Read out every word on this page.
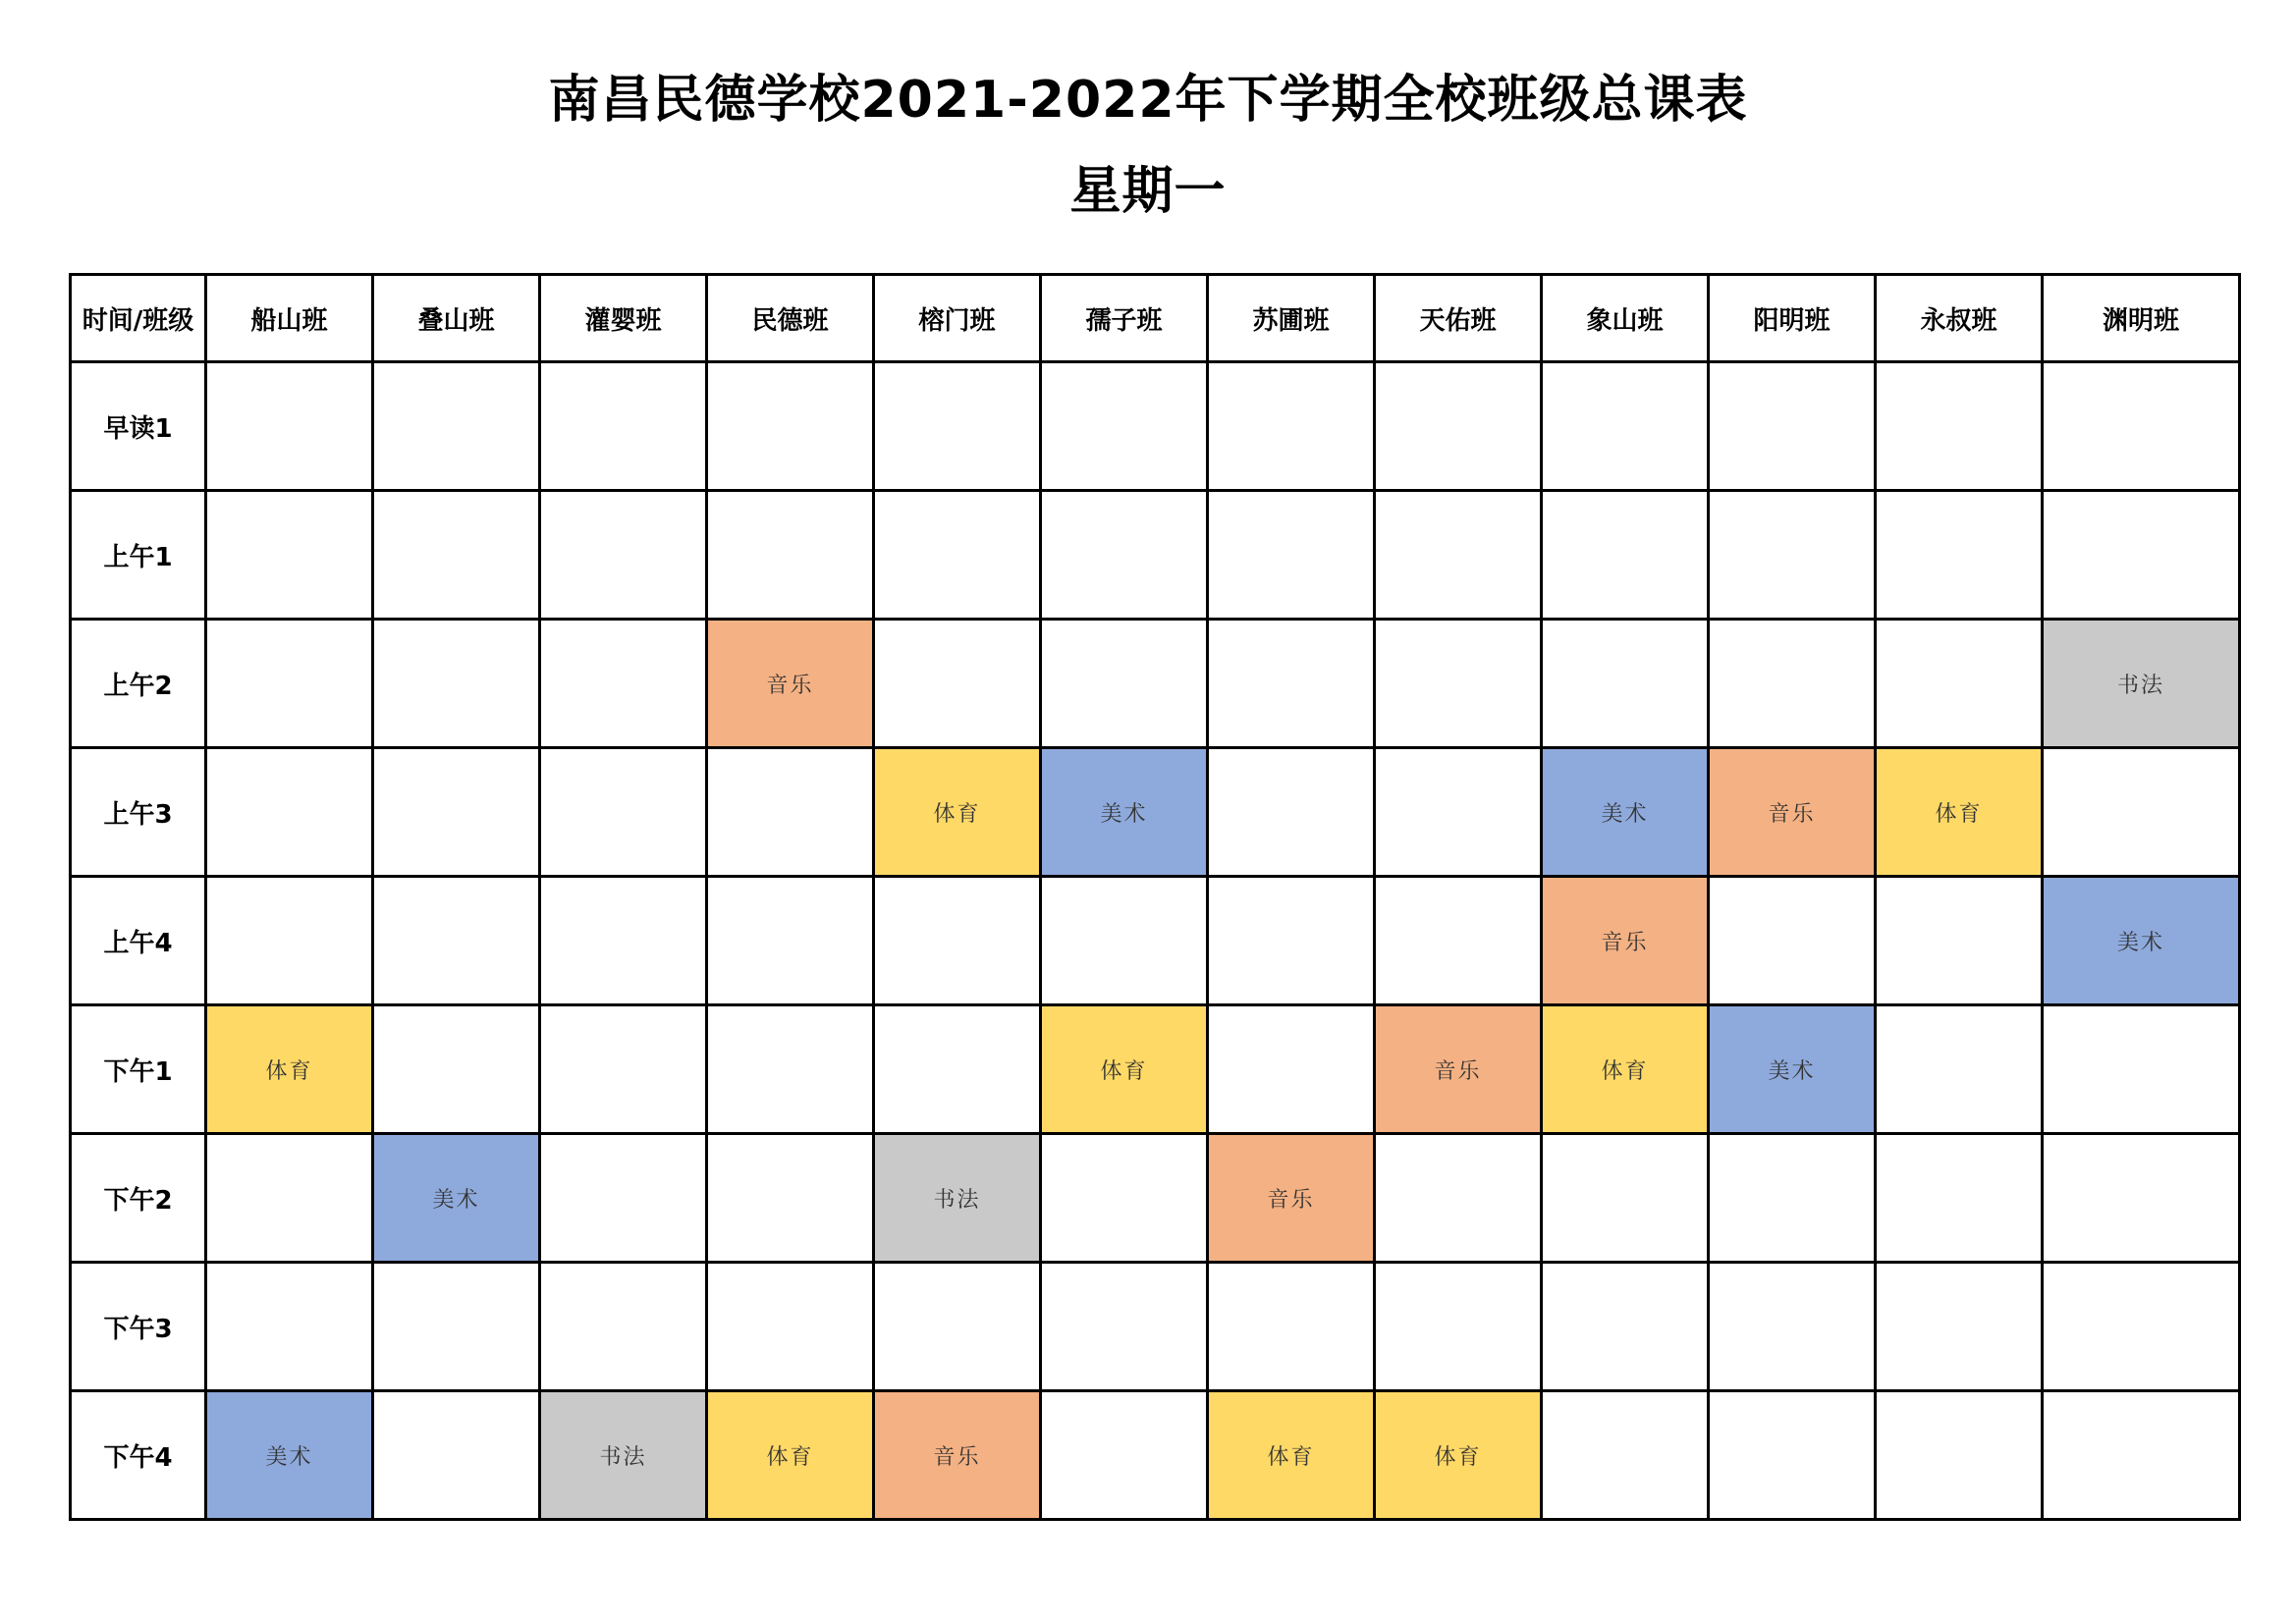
南昌民德学校2021-2022年下学期全校班级总课表
星期一
时间/班级	船山班	叠山班	灌婴班	民德班	榕门班	孺子班	苏圃班	天佑班	象山班	阳明班	永叔班	渊明班
早读1												
上午1												
上午2				音乐								书法
上午3					体育	美术			美术	音乐	体育	
上午4									音乐			美术
下午1	体育					体育		音乐	体育	美术		
下午2		美术			书法		音乐					
下午3												
下午4	美术		书法	体育	音乐		体育	体育				
